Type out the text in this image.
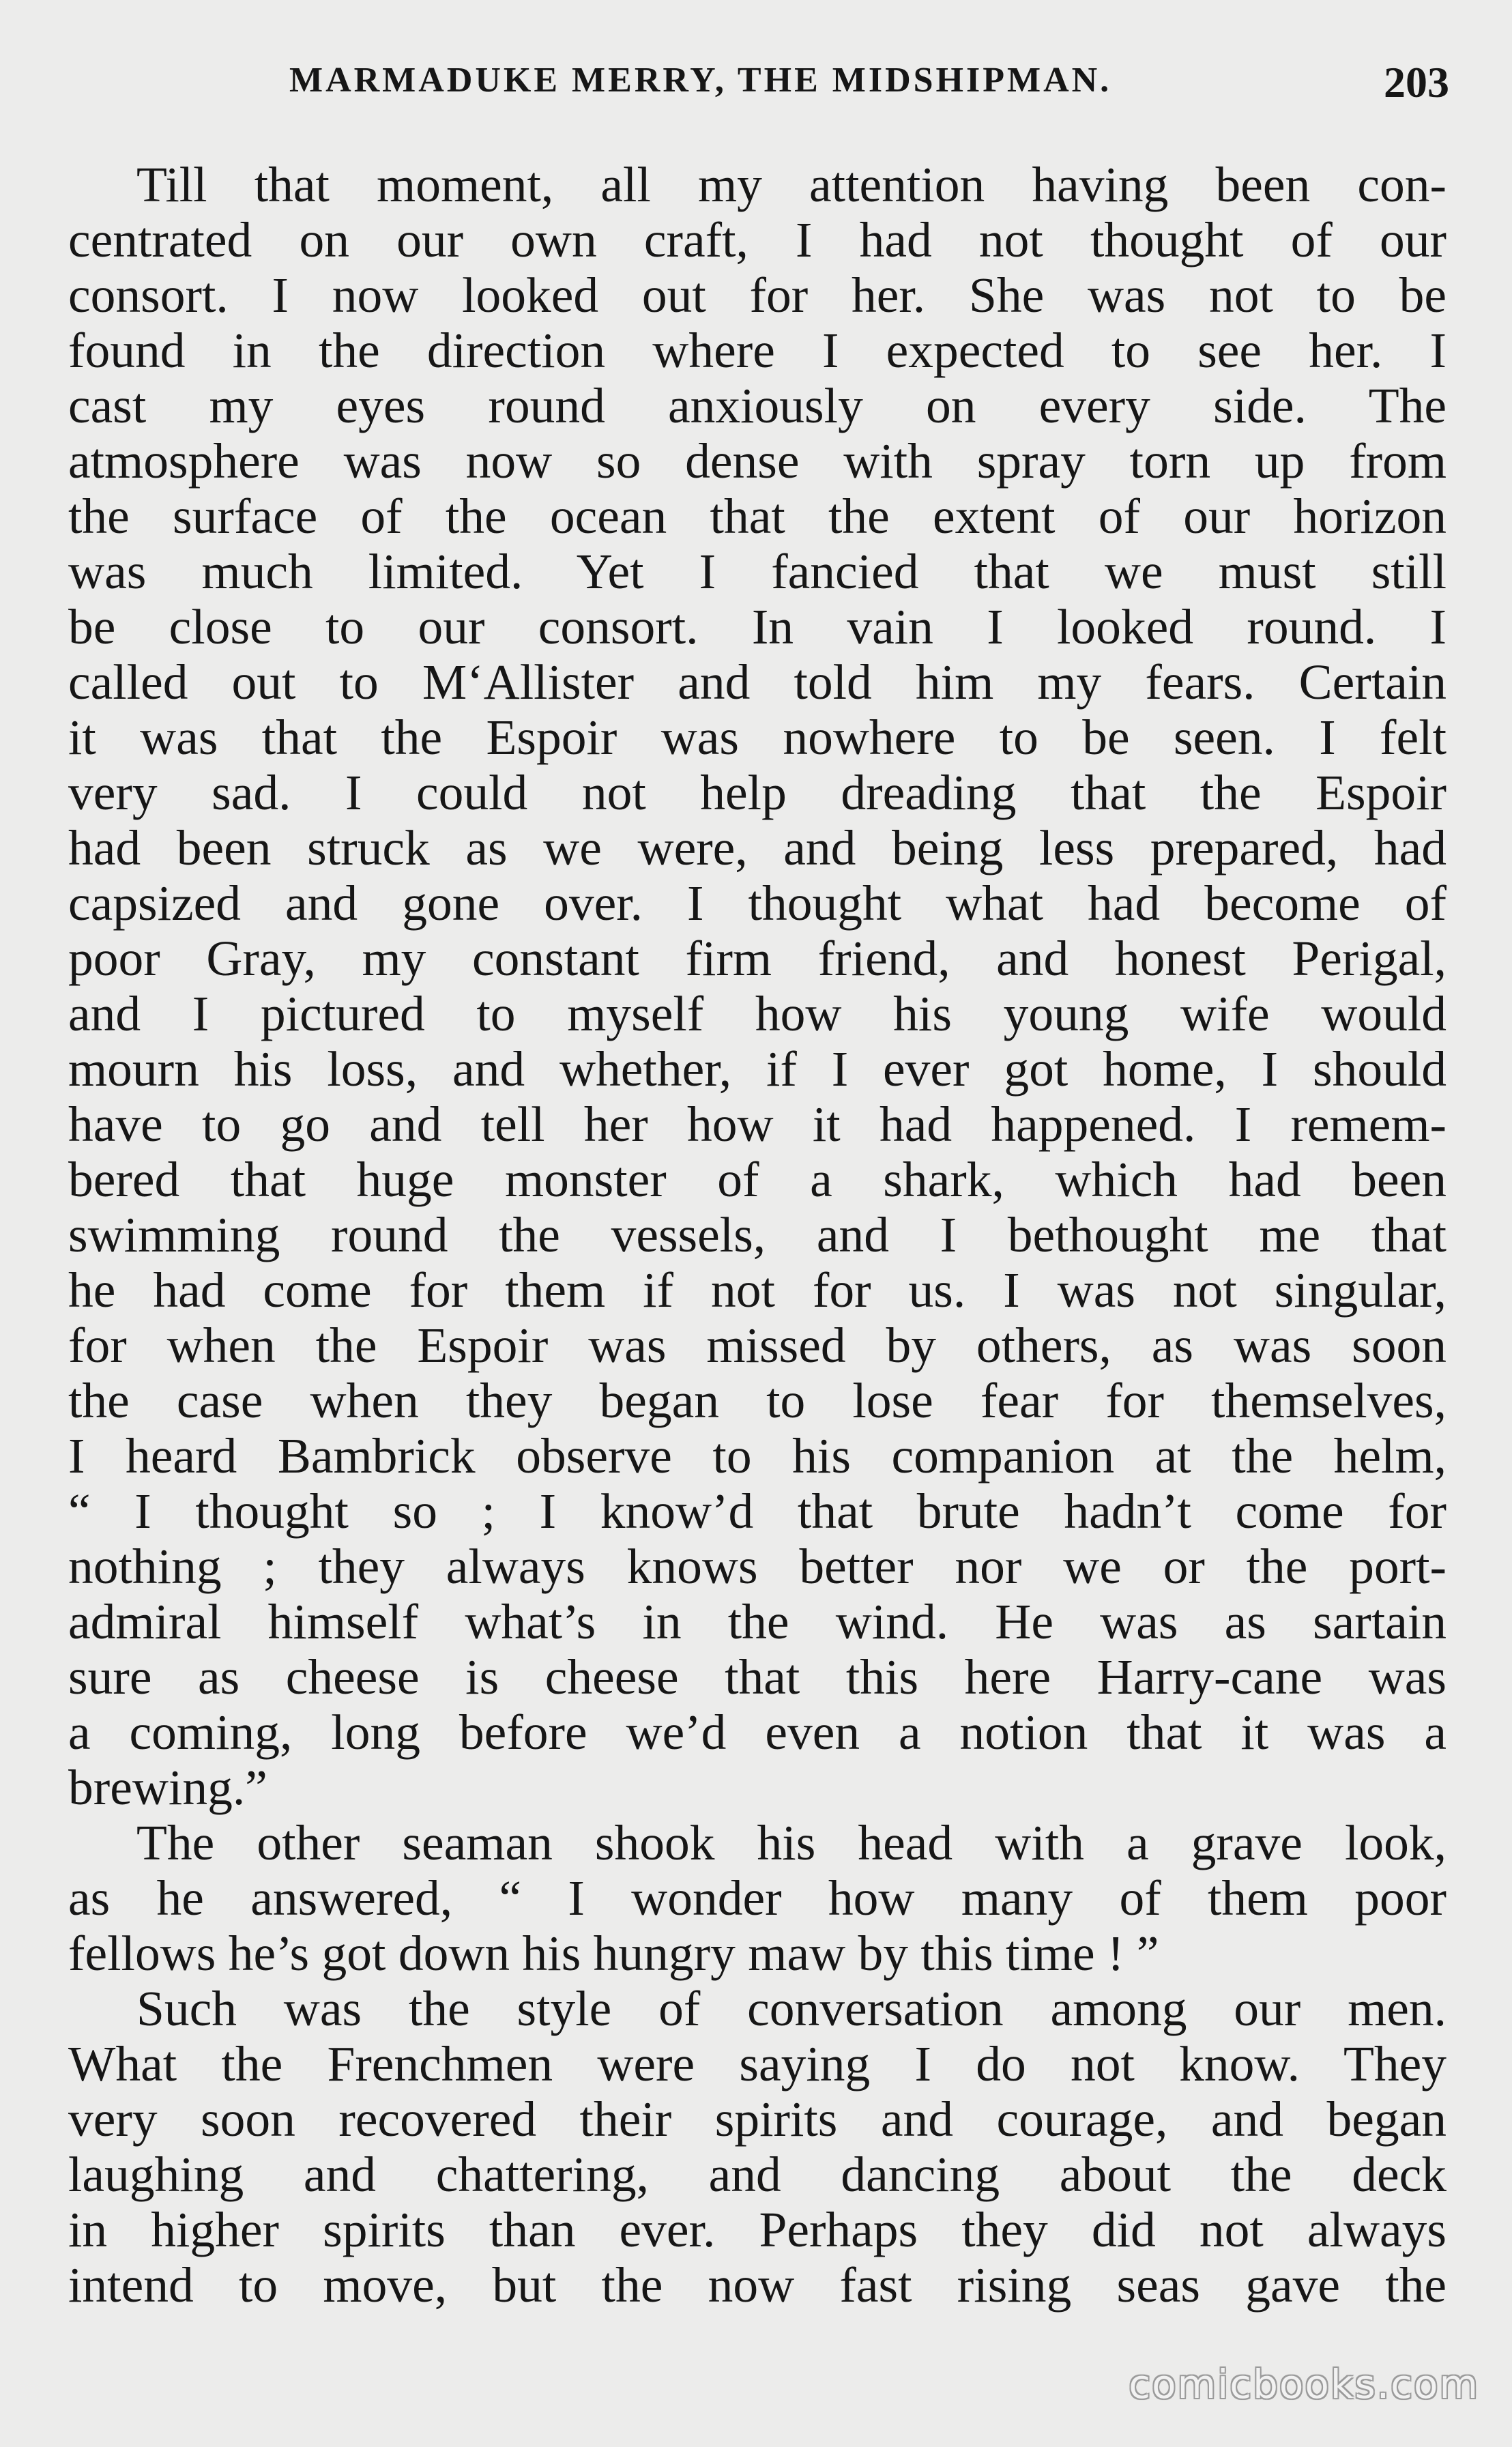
MARMADUKE MERRY, THE MIDSHIPMAN.	203
Till that moment, all my attention having been con-
centrated on our own craft, I had not thought of our
consort. I now looked out for her. She was not to be
found in the direction where I expected to see her. I
cast my eyes round anxiously on every side. The
atmosphere was now so dense with spray torn up from
the surface of the ocean that the extent of our horizon
was much limited. Yet I fancied that we must still
be close to our consort. In vain I looked round. I
called out to M‘Allister and told him my fears. Certain
it was that the Espoir was nowhere to be seen. I felt
very sad. I could not help dreading that the Espoir
had been struck as we were, and being less prepared, had
capsized and gone over. I thought what had become of
poor Gray, my constant firm friend, and honest Perigal,
and I pictured to myself how his young wife would
mourn his loss, and whether, if I ever got home, I should
have to go and tell her how it had happened. I remem-
bered that huge monster of a shark, which had been
swimming round the vessels, and I bethought me that
he had come for them if not for us. I was not singular,
for when the Espoir was missed by others, as was soon
the case when they began to lose fear for themselves,
I heard Bambrick observe to his companion at the helm,
“ I thought so ; I know’d that brute hadn’t come for
nothing ; they always knows better nor we or the port-
admiral himself what’s in the wind. He was as sartain
sure as cheese is cheese that this here Harry-cane was
a coming, long before we’d even a notion that it was a
brewing.”
The other seaman shook his head with a grave look,
as he answered, “ I wonder how many of them poor
fellows he’s got down his hungry maw by this time ! ”
Such was the style of conversation among our men.
What the Frenchmen were saying I do not know. They
very soon recovered their spirits and courage, and began
laughing and chattering, and dancing about the deck
in higher spirits than ever. Perhaps they did not always
intend to move, but the now fast rising seas gave the
comicbooks.com
